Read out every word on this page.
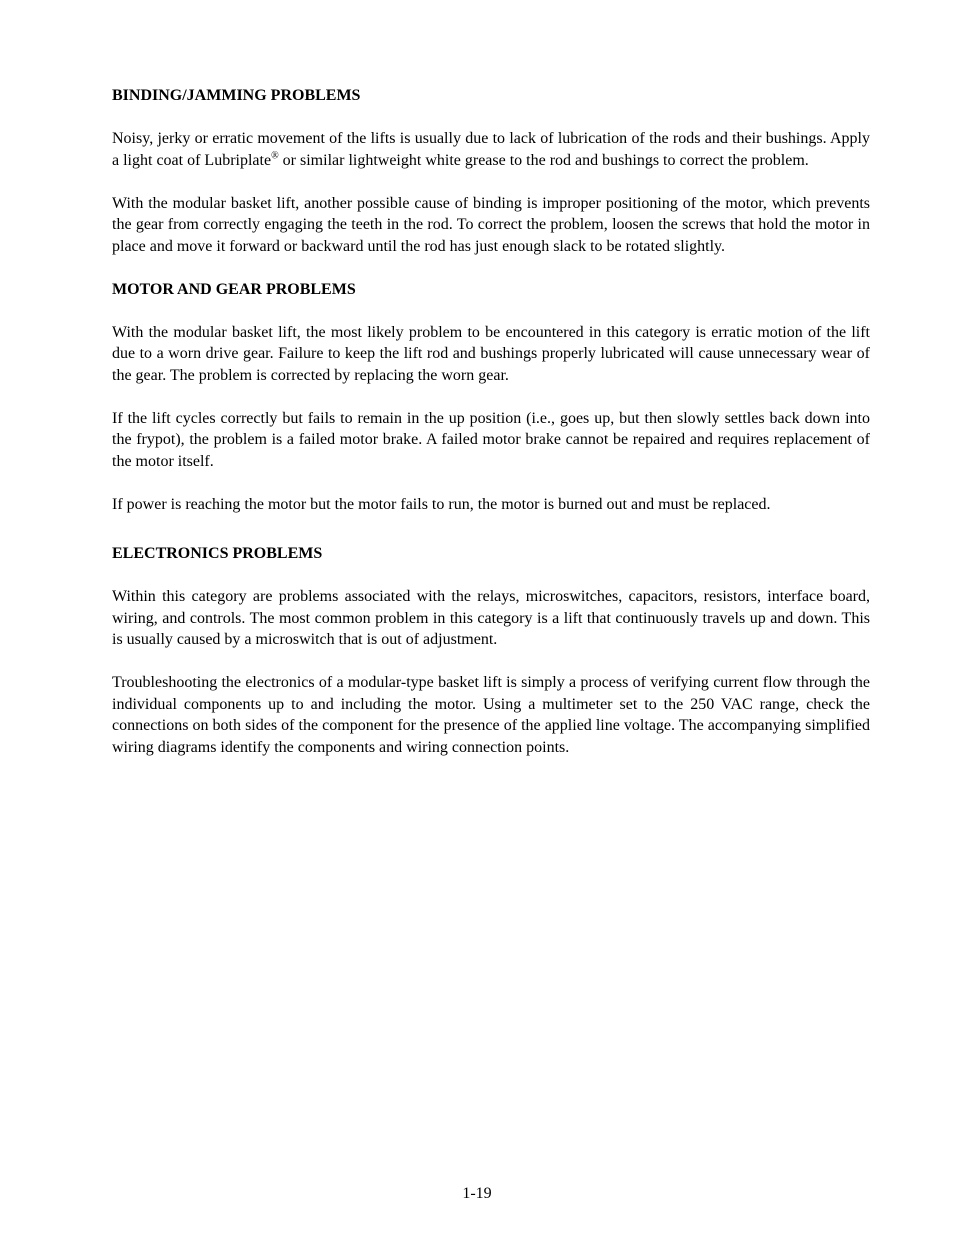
BINDING/JAMMING PROBLEMS

Noisy, jerky or erratic movement of the lifts is usually due to lack of lubrication of the rods and their bushings. Apply a light coat of Lubriplate® or similar lightweight white grease to the rod and bushings to correct the problem.

With the modular basket lift, another possible cause of binding is improper positioning of the motor, which prevents the gear from correctly engaging the teeth in the rod. To correct the problem, loosen the screws that hold the motor in place and move it forward or backward until the rod has just enough slack to be rotated slightly.

MOTOR AND GEAR PROBLEMS

With the modular basket lift, the most likely problem to be encountered in this category is erratic motion of the lift due to a worn drive gear. Failure to keep the lift rod and bushings properly lubricated will cause unnecessary wear of the gear. The problem is corrected by replacing the worn gear.

If the lift cycles correctly but fails to remain in the up position (i.e., goes up, but then slowly settles back down into the frypot), the problem is a failed motor brake. A failed motor brake cannot be repaired and requires replacement of the motor itself.

If power is reaching the motor but the motor fails to run, the motor is burned out and must be replaced.

ELECTRONICS PROBLEMS

Within this category are problems associated with the relays, microswitches, capacitors, resistors, interface board, wiring, and controls. The most common problem in this category is a lift that continuously travels up and down. This is usually caused by a microswitch that is out of adjustment.

Troubleshooting the electronics of a modular-type basket lift is simply a process of verifying current flow through the individual components up to and including the motor. Using a multimeter set to the 250 VAC range, check the connections on both sides of the component for the presence of the applied line voltage. The accompanying simplified wiring diagrams identify the components and wiring connection points.

1-19
